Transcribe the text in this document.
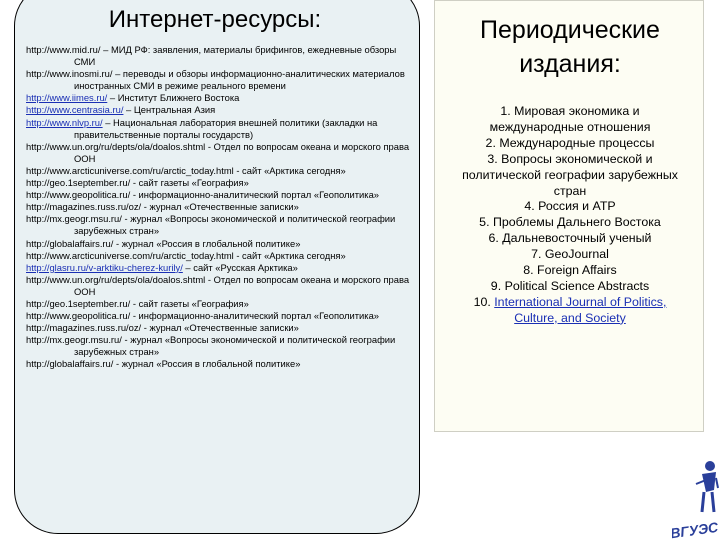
Интернет-ресурсы:
http://www.mid.ru/ – МИД РФ: заявления, материалы брифингов, ежедневные обзоры СМИ
http://www.inosmi.ru/ – переводы и обзоры информационно-аналитических материалов иностранных СМИ в режиме реального времени
http://www.iimes.ru/ – Институт Ближнего Востока
http://www.centrasia.ru/ – Центральная Азия
http://www.nlvp.ru/ – Национальная лаборатория внешней политики (закладки на правительственные порталы государств)
http://www.un.org/ru/depts/ola/doalos.shtml - Отдел по вопросам океана и морского права ООН
http://www.arcticuniverse.com/ru/arctic_today.html - сайт «Арктика сегодня»
http://geo.1september.ru/ - сайт газеты «География»
http://www.geopolitica.ru/ - информационно-аналитический портал «Геополитика»
http://magazines.russ.ru/oz/ - журнал «Отечественные записки»
http://mx.geogr.msu.ru/ - журнал «Вопросы экономической и политической географии зарубежных стран»
http://globalaffairs.ru/ - журнал «Россия в глобальной политике»
http://www.arcticuniverse.com/ru/arctic_today.html - сайт «Арктика сегодня»
http://glasru.ru/v-arktiku-cherez-kurily/ – сайт «Русская Арктика»
http://www.un.org/ru/depts/ola/doalos.shtml - Отдел по вопросам океана и морского права ООН
http://geo.1september.ru/ - сайт газеты «География»
http://www.geopolitica.ru/ - информационно-аналитический портал «Геополитика»
http://magazines.russ.ru/oz/ - журнал «Отечественные записки»
http://mx.geogr.msu.ru/ - журнал «Вопросы экономической и политической географии зарубежных стран»
http://globalaffairs.ru/ - журнал «Россия в глобальной политике»
Периодические
издания:
1. Мировая экономика и международные отношения
2. Международные процессы
3. Вопросы экономической и политической географии зарубежных стран
4. Россия и АТР
5. Проблемы Дальнего Востока
6. Дальневосточный ученый
7. GeoJournal
8. Foreign Affairs
9. Political Science Abstracts
10. International Journal of Politics, Culture, and Society
ВГУЭС
